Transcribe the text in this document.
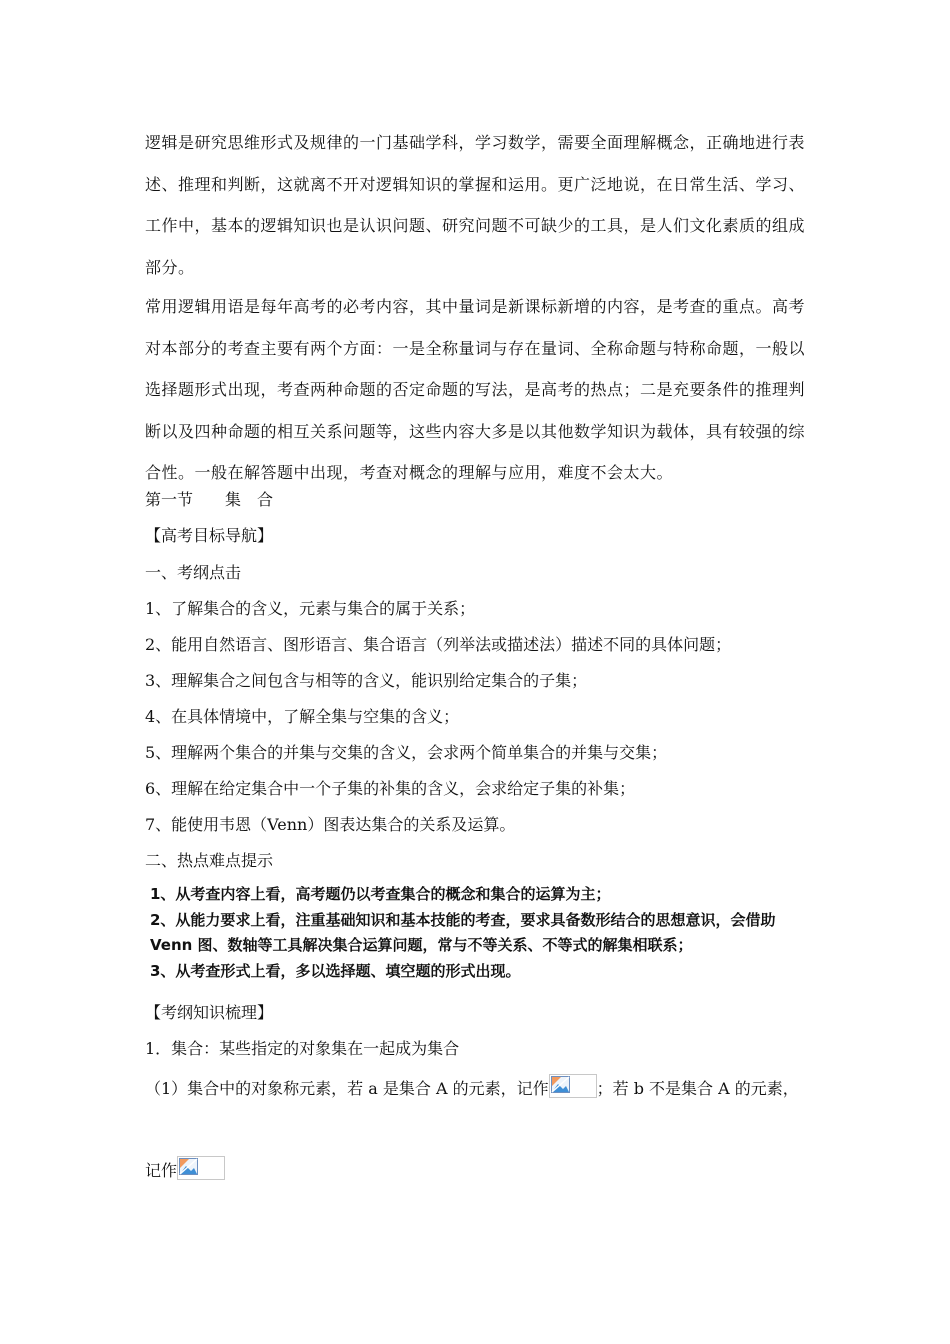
逻辑是研究思维形式及规律的一门基础学科，学习数学，需要全面理解概念，正确地进行表述、推理和判断，这就离不开对逻辑知识的掌握和运用。更广泛地说，在日常生活、学习、工作中，基本的逻辑知识也是认识问题、研究问题不可缺少的工具，是人们文化素质的组成部分。

常用逻辑用语是每年高考的必考内容，其中量词是新课标新增的内容，是考查的重点。高考对本部分的考查主要有两个方面：一是全称量词与存在量词、全称命题与特称命题，一般以选择题形式出现，考查两种命题的否定命题的写法，是高考的热点；二是充要条件的推理判断以及四种命题的相互关系问题等，这些内容大多是以其他数学知识为载体，具有较强的综合性。一般在解答题中出现，考查对概念的理解与应用，难度不会太大。

第一节　　集　合
【高考目标导航】
一、考纲点击
1、了解集合的含义，元素与集合的属于关系；
2、能用自然语言、图形语言、集合语言（列举法或描述法）描述不同的具体问题；
3、理解集合之间包含与相等的含义，能识别给定集合的子集；
4、在具体情境中，了解全集与空集的含义；
5、理解两个集合的并集与交集的含义，会求两个简单集合的并集与交集；
6、理解在给定集合中一个子集的补集的含义，会求给定子集的补集；
7、能使用韦恩（Venn）图表达集合的关系及运算。
二、热点难点提示
1、从考查内容上看，高考题仍以考查集合的概念和集合的运算为主；
2、从能力要求上看，注重基础知识和基本技能的考查，要求具备数形结合的思想意识，会借助 Venn 图、数轴等工具解决集合运算问题，常与不等关系、不等式的解集相联系；
3、从考查形式上看，多以选择题、填空题的形式出现。
【考纲知识梳理】
1．集合：某些指定的对象集在一起成为集合
（1）集合中的对象称元素，若 a 是集合 A 的元素，记作	；若 b 不是集合 A 的元素，
记作
